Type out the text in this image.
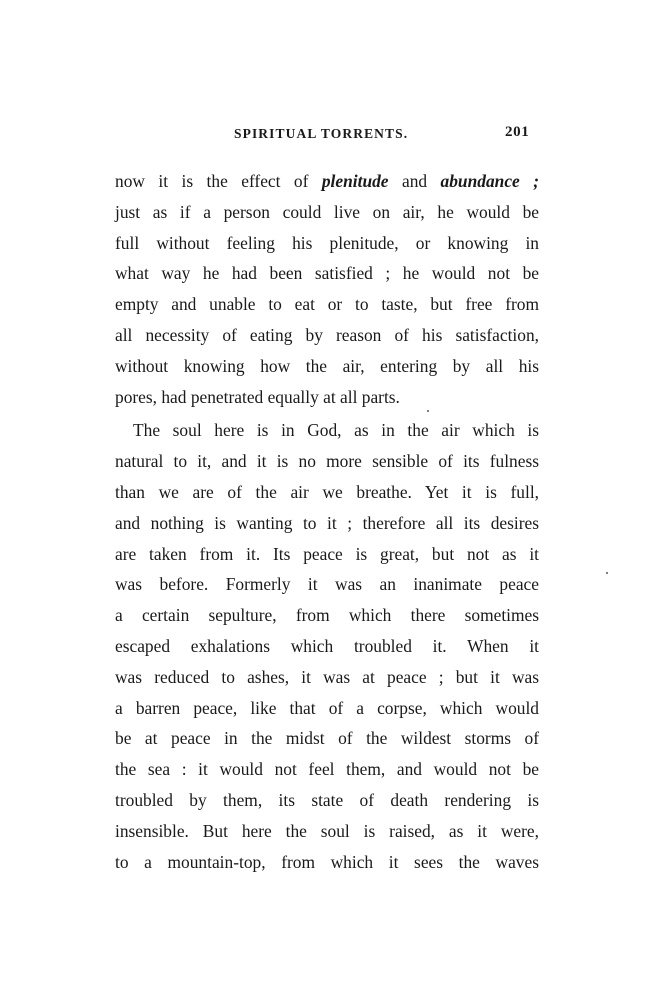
SPIRITUAL TORRENTS.	201
now it is the effect of plenitude and abundance ;
just as if a person could live on air, he would be
full without feeling his plenitude, or knowing in
what way he had been satisfied ; he would not be
empty and unable to eat or to taste, but free from
all necessity of eating by reason of his satisfaction,
without knowing how the air, entering by all his
pores, had penetrated equally at all parts.
The soul here is in God, as in the air which is
natural to it, and it is no more sensible of its fulness
than we are of the air we breathe. Yet it is full,
and nothing is wanting to it ; therefore all its desires
are taken from it. Its peace is great, but not as it
was before. Formerly it was an inanimate peace
a certain sepulture, from which there sometimes
escaped exhalations which troubled it. When it
was reduced to ashes, it was at peace ; but it was
a barren peace, like that of a corpse, which would
be at peace in the midst of the wildest storms of
the sea : it would not feel them, and would not be
troubled by them, its state of death rendering is
insensible. But here the soul is raised, as it were,
to a mountain-top, from which it sees the waves
